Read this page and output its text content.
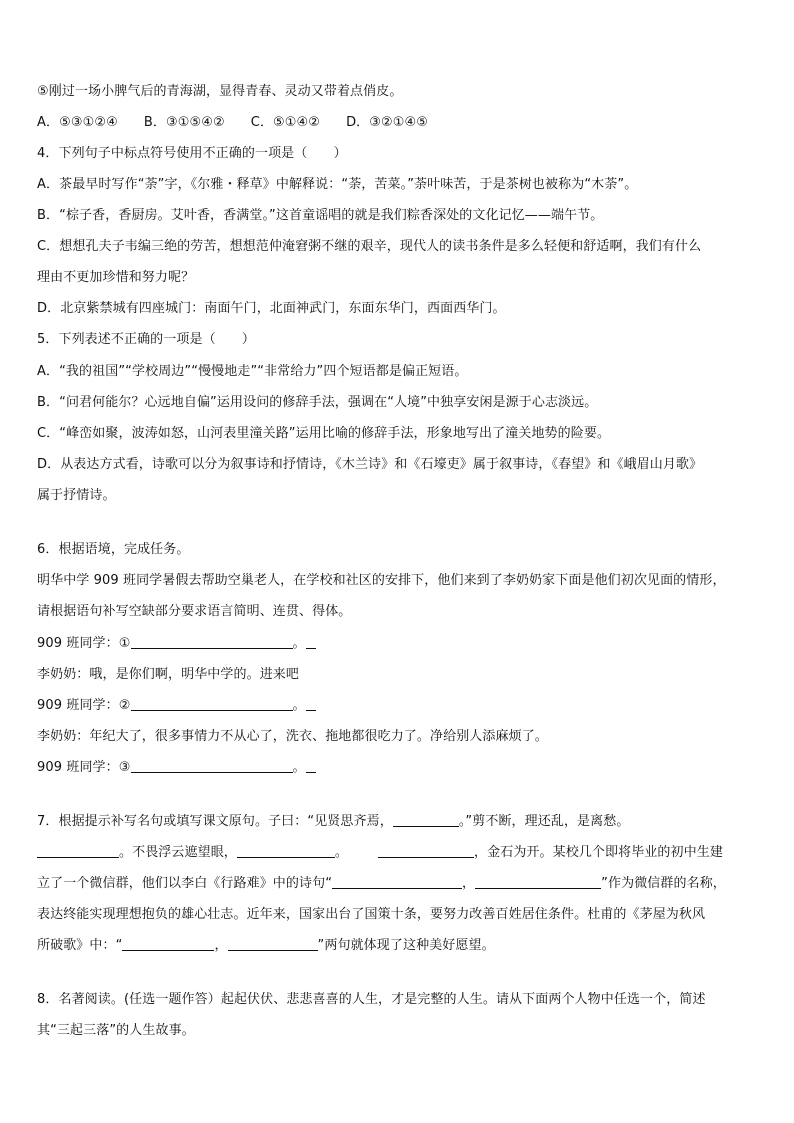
⑤刚过一场小脾气后的青海湖，显得青春、灵动又带着点俏皮。
A．⑤③①②④ B．③①⑤④② C．⑤①④② D．③②①④⑤
4．下列句子中标点符号使用不正确的一项是（　　）
A．茶最早时写作“荼”字，《尔雅・释草》中解释说：“荼，苦菜。”荼叶味苦，于是茶树也被称为“木荼”。
B．“棕子香，香厨房。艾叶香，香满堂。”这首童谣唱的就是我们粽香深处的文化记忆——端午节。
C．想想孔夫子韦编三绝的劳苦，想想范仲淹窘粥不继的艰辛，现代人的读书条件是多么轻便和舒适啊，我们有什么
理由不更加珍惜和努力呢？
D．北京紫禁城有四座城门：南面午门，北面神武门，东面东华门，西面西华门。
5．下列表述不正确的一项是（　　）
A．“我的祖国”“学校周边”“慢慢地走”“非常给力”四个短语都是偏正短语。
B．“问君何能尔？心远地自偏”运用设问的修辞手法，强调在“人境”中独享安闲是源于心志淡远。
C．“峰峦如聚，波涛如怒，山河表里潼关路”运用比喻的修辞手法，形象地写出了潼关地势的险要。
D．从表达方式看，诗歌可以分为叙事诗和抒情诗，《木兰诗》和《石壕吏》属于叙事诗，《春望》和《峨眉山月歌》
属于抒情诗。
6．根据语境，完成任务。
明华中学 909 班同学暑假去帮助空巢老人，在学校和社区的安排下，他们来到了李奶奶家下面是他们初次见面的情形，
请根据语句补写空缺部分要求语言简明、连贯、得体。
909 班同学：①	。
李奶奶：哦，是你们啊，明华中学的。进来吧
909 班同学：②	。
李奶奶：年纪大了，很多事情力不从心了，洗衣、拖地都很吃力了。净给别人添麻烦了。
909 班同学：③	。
7．根据提示补写名句或填写课文原句。子曰：“见贤思齐焉，	。”剪不断，理还乱，是离愁。
。不畏浮云遮望眼，	。	，金石为开。某校几个即将毕业的初中生建
立了一个微信群，他们以李白《行路难》中的诗句“	，	”作为微信群的名称，
表达终能实现理想抱负的雄心壮志。近年来，国家出台了国策十条，要努力改善百姓居住条件。杜甫的《茅屋为秋风
所破歌》中：“	，	”两句就体现了这种美好愿望。
8．名著阅读。(任选一题作答）起起伏伏、悲悲喜喜的人生，才是完整的人生。请从下面两个人物中任选一个，简述
其“三起三落”的人生故事。
